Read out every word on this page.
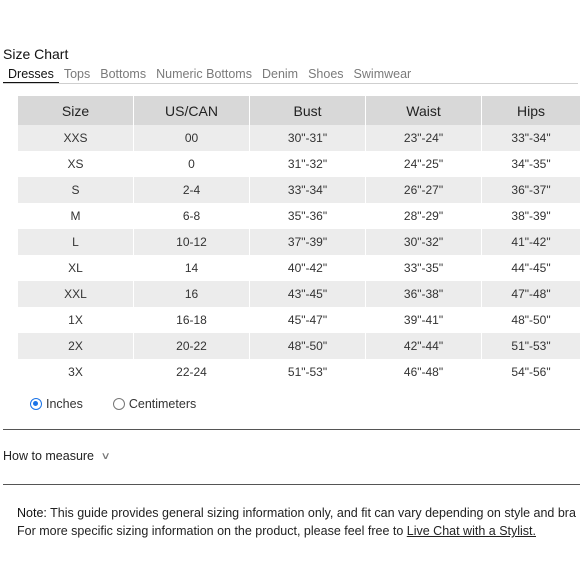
Size Chart
Dresses Tops Bottoms Numeric Bottoms Denim Shoes Swimwear
Size	US/CAN	Bust	Waist	Hips
XXS	00	30"-31"	23"-24"	33"-34"
XS	0	31"-32"	24"-25"	34"-35"
S	2-4	33"-34"	26"-27"	36"-37"
M	6-8	35"-36"	28"-29"	38"-39"
L	10-12	37"-39"	30"-32"	41"-42"
XL	14	40"-42"	33"-35"	44"-45"
XXL	16	43"-45"	36"-38"	47"-48"
1X	16-18	45"-47"	39"-41"	48"-50"
2X	20-22	48"-50"	42"-44"	51"-53"
3X	22-24	51"-53"	46"-48"	54"-56"
Inches	Centimeters
How to measure ∨
Note: This guide provides general sizing information only, and fit can vary depending on style and bra
For more specific sizing information on the product, please feel free to Live Chat with a Stylist.
